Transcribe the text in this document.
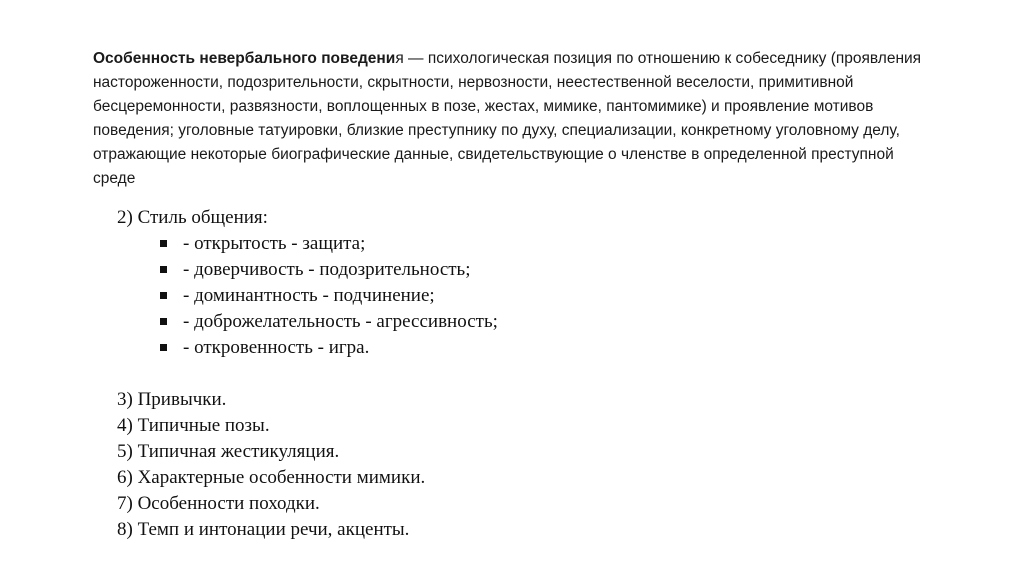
Особенность невербального поведения — психологическая позиция по отношению к собеседнику (проявления настороженности, подозрительности, скрытности, нервозности, неестественной веселости, примитивной бесцеремонности, развязности, воплощенных в позе, жестах, мимике, пантомимике) и проявление мотивов поведения; уголовные татуировки, близкие преступнику по духу, специализации, конкретному уголовному делу, отражающие некоторые биографические данные, свидетельствующие о членстве в определенной преступной среде

2) Стиль общения:
- открытость - защита;
- доверчивость - подозрительность;
- доминантность - подчинение;
- доброжелательность - агрессивность;
- откровенность - игра.
3) Привычки.
4) Типичные позы.
5) Типичная жестикуляция.
6) Характерные особенности мимики.
7) Особенности походки.
8) Темп и интонации речи, акценты.
